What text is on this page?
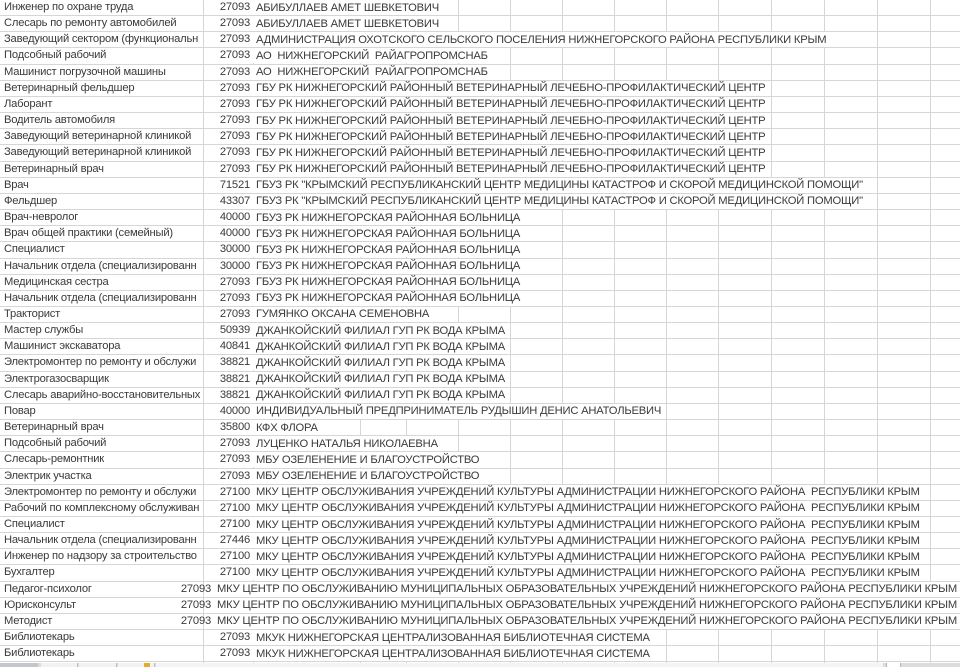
Инженер по охране труда	27093 АБИБУЛЛАЕВ АМЕТ ШЕВКЕТОВИЧ
Слесарь по ремонту автомобилей	27093 АБИБУЛЛАЕВ АМЕТ ШЕВКЕТОВИЧ
Заведующий сектором (функциональн	27093 АДМИНИСТРАЦИЯ ОХОТСКОГО СЕЛЬСКОГО ПОСЕЛЕНИЯ НИЖНЕГОРСКОГО РАЙОНА РЕСПУБЛИКИ КРЫМ
Подсобный рабочий	27093 АО  НИЖНЕГОРСКИЙ  РАЙАГРОПРОМСНАБ
Машинист погрузочной машины	27093 АО  НИЖНЕГОРСКИЙ  РАЙАГРОПРОМСНАБ
Ветеринарный фельдшер	27093 ГБУ РК НИЖНЕГОРСКИЙ РАЙОННЫЙ ВЕТЕРИНАРНЫЙ ЛЕЧЕБНО-ПРОФИЛАКТИЧЕСКИЙ ЦЕНТР
Лаборант	27093 ГБУ РК НИЖНЕГОРСКИЙ РАЙОННЫЙ ВЕТЕРИНАРНЫЙ ЛЕЧЕБНО-ПРОФИЛАКТИЧЕСКИЙ ЦЕНТР
Водитель автомобиля	27093 ГБУ РК НИЖНЕГОРСКИЙ РАЙОННЫЙ ВЕТЕРИНАРНЫЙ ЛЕЧЕБНО-ПРОФИЛАКТИЧЕСКИЙ ЦЕНТР
Заведующий ветеринарной клиникой	27093 ГБУ РК НИЖНЕГОРСКИЙ РАЙОННЫЙ ВЕТЕРИНАРНЫЙ ЛЕЧЕБНО-ПРОФИЛАКТИЧЕСКИЙ ЦЕНТР
Заведующий ветеринарной клиникой	27093 ГБУ РК НИЖНЕГОРСКИЙ РАЙОННЫЙ ВЕТЕРИНАРНЫЙ ЛЕЧЕБНО-ПРОФИЛАКТИЧЕСКИЙ ЦЕНТР
Ветеринарный врач	27093 ГБУ РК НИЖНЕГОРСКИЙ РАЙОННЫЙ ВЕТЕРИНАРНЫЙ ЛЕЧЕБНО-ПРОФИЛАКТИЧЕСКИЙ ЦЕНТР
Врач	71521 ГБУЗ РК "КРЫМСКИЙ РЕСПУБЛИКАНСКИЙ ЦЕНТР МЕДИЦИНЫ КАТАСТРОФ И СКОРОЙ МЕДИЦИНСКОЙ ПОМОЩИ"
Фельдшер	43307 ГБУЗ РК "КРЫМСКИЙ РЕСПУБЛИКАНСКИЙ ЦЕНТР МЕДИЦИНЫ КАТАСТРОФ И СКОРОЙ МЕДИЦИНСКОЙ ПОМОЩИ"
Врач-невролог	40000 ГБУЗ РК НИЖНЕГОРСКАЯ РАЙОННАЯ БОЛЬНИЦА
Врач общей практики (семейный)	40000 ГБУЗ РК НИЖНЕГОРСКАЯ РАЙОННАЯ БОЛЬНИЦА
Специалист	30000 ГБУЗ РК НИЖНЕГОРСКАЯ РАЙОННАЯ БОЛЬНИЦА
Начальник отдела (специализированн	30000 ГБУЗ РК НИЖНЕГОРСКАЯ РАЙОННАЯ БОЛЬНИЦА
Медицинская сестра	27093 ГБУЗ РК НИЖНЕГОРСКАЯ РАЙОННАЯ БОЛЬНИЦА
Начальник отдела (специализированн	27093 ГБУЗ РК НИЖНЕГОРСКАЯ РАЙОННАЯ БОЛЬНИЦА
Тракторист	27093 ГУМЯНКО ОКСАНА СЕМЕНОВНА
Мастер службы	50939 ДЖАНКОЙСКИЙ ФИЛИАЛ ГУП РК ВОДА КРЫМА
Машинист экскаватора	40841 ДЖАНКОЙСКИЙ ФИЛИАЛ ГУП РК ВОДА КРЫМА
Электромонтер по ремонту и обслужи	38821 ДЖАНКОЙСКИЙ ФИЛИАЛ ГУП РК ВОДА КРЫМА
Электрогазосварщик	38821 ДЖАНКОЙСКИЙ ФИЛИАЛ ГУП РК ВОДА КРЫМА
Слесарь аварийно-восстановительных	38821 ДЖАНКОЙСКИЙ ФИЛИАЛ ГУП РК ВОДА КРЫМА
Повар	40000 ИНДИВИДУАЛЬНЫЙ ПРЕДПРИНИМАТЕЛЬ РУДЫШИН ДЕНИС АНАТОЛЬЕВИЧ
Ветеринарный врач	35800 КФХ ФЛОРА
Подсобный рабочий	27093 ЛУЦЕНКО НАТАЛЬЯ НИКОЛАЕВНА
Слесарь-ремонтник	27093 МБУ ОЗЕЛЕНЕНИЕ И БЛАГОУСТРОЙСТВО
Электрик участка	27093 МБУ ОЗЕЛЕНЕНИЕ И БЛАГОУСТРОЙСТВО
Электромонтер по ремонту и обслужи	27100 МКУ ЦЕНТР ОБСЛУЖИВАНИЯ УЧРЕЖДЕНИЙ КУЛЬТУРЫ АДМИНИСТРАЦИИ НИЖНЕГОРСКОГО РАЙОНА  РЕСПУБЛИКИ КРЫМ
Рабочий по комплексному обслуживан	27100 МКУ ЦЕНТР ОБСЛУЖИВАНИЯ УЧРЕЖДЕНИЙ КУЛЬТУРЫ АДМИНИСТРАЦИИ НИЖНЕГОРСКОГО РАЙОНА  РЕСПУБЛИКИ КРЫМ
Специалист	27100 МКУ ЦЕНТР ОБСЛУЖИВАНИЯ УЧРЕЖДЕНИЙ КУЛЬТУРЫ АДМИНИСТРАЦИИ НИЖНЕГОРСКОГО РАЙОНА  РЕСПУБЛИКИ КРЫМ
Начальник отдела (специализированн	27446 МКУ ЦЕНТР ОБСЛУЖИВАНИЯ УЧРЕЖДЕНИЙ КУЛЬТУРЫ АДМИНИСТРАЦИИ НИЖНЕГОРСКОГО РАЙОНА  РЕСПУБЛИКИ КРЫМ
Инженер по надзору за строительство	27100 МКУ ЦЕНТР ОБСЛУЖИВАНИЯ УЧРЕЖДЕНИЙ КУЛЬТУРЫ АДМИНИСТРАЦИИ НИЖНЕГОРСКОГО РАЙОНА  РЕСПУБЛИКИ КРЫМ
Бухгалтер	27100 МКУ ЦЕНТР ОБСЛУЖИВАНИЯ УЧРЕЖДЕНИЙ КУЛЬТУРЫ АДМИНИСТРАЦИИ НИЖНЕГОРСКОГО РАЙОНА  РЕСПУБЛИКИ КРЫМ
Педагог-психолог	27093 МКУ ЦЕНТР ПО ОБСЛУЖИВАНИЮ МУНИЦИПАЛЬНЫХ ОБРАЗОВАТЕЛЬНЫХ УЧРЕЖДЕНИЙ НИЖНЕГОРСКОГО РАЙОНА РЕСПУБЛИКИ КРЫМ
Юрисконсульт	27093 МКУ ЦЕНТР ПО ОБСЛУЖИВАНИЮ МУНИЦИПАЛЬНЫХ ОБРАЗОВАТЕЛЬНЫХ УЧРЕЖДЕНИЙ НИЖНЕГОРСКОГО РАЙОНА РЕСПУБЛИКИ КРЫМ
Методист	27093 МКУ ЦЕНТР ПО ОБСЛУЖИВАНИЮ МУНИЦИПАЛЬНЫХ ОБРАЗОВАТЕЛЬНЫХ УЧРЕЖДЕНИЙ НИЖНЕГОРСКОГО РАЙОНА РЕСПУБЛИКИ КРЫМ
Библиотекарь	27093 МКУК НИЖНЕГОРСКАЯ ЦЕНТРАЛИЗОВАННАЯ БИБЛИОТЕЧНАЯ СИСТЕМА
Библиотекарь	27093 МКУК НИЖНЕГОРСКАЯ ЦЕНТРАЛИЗОВАННАЯ БИБЛИОТЕЧНАЯ СИСТЕМА
